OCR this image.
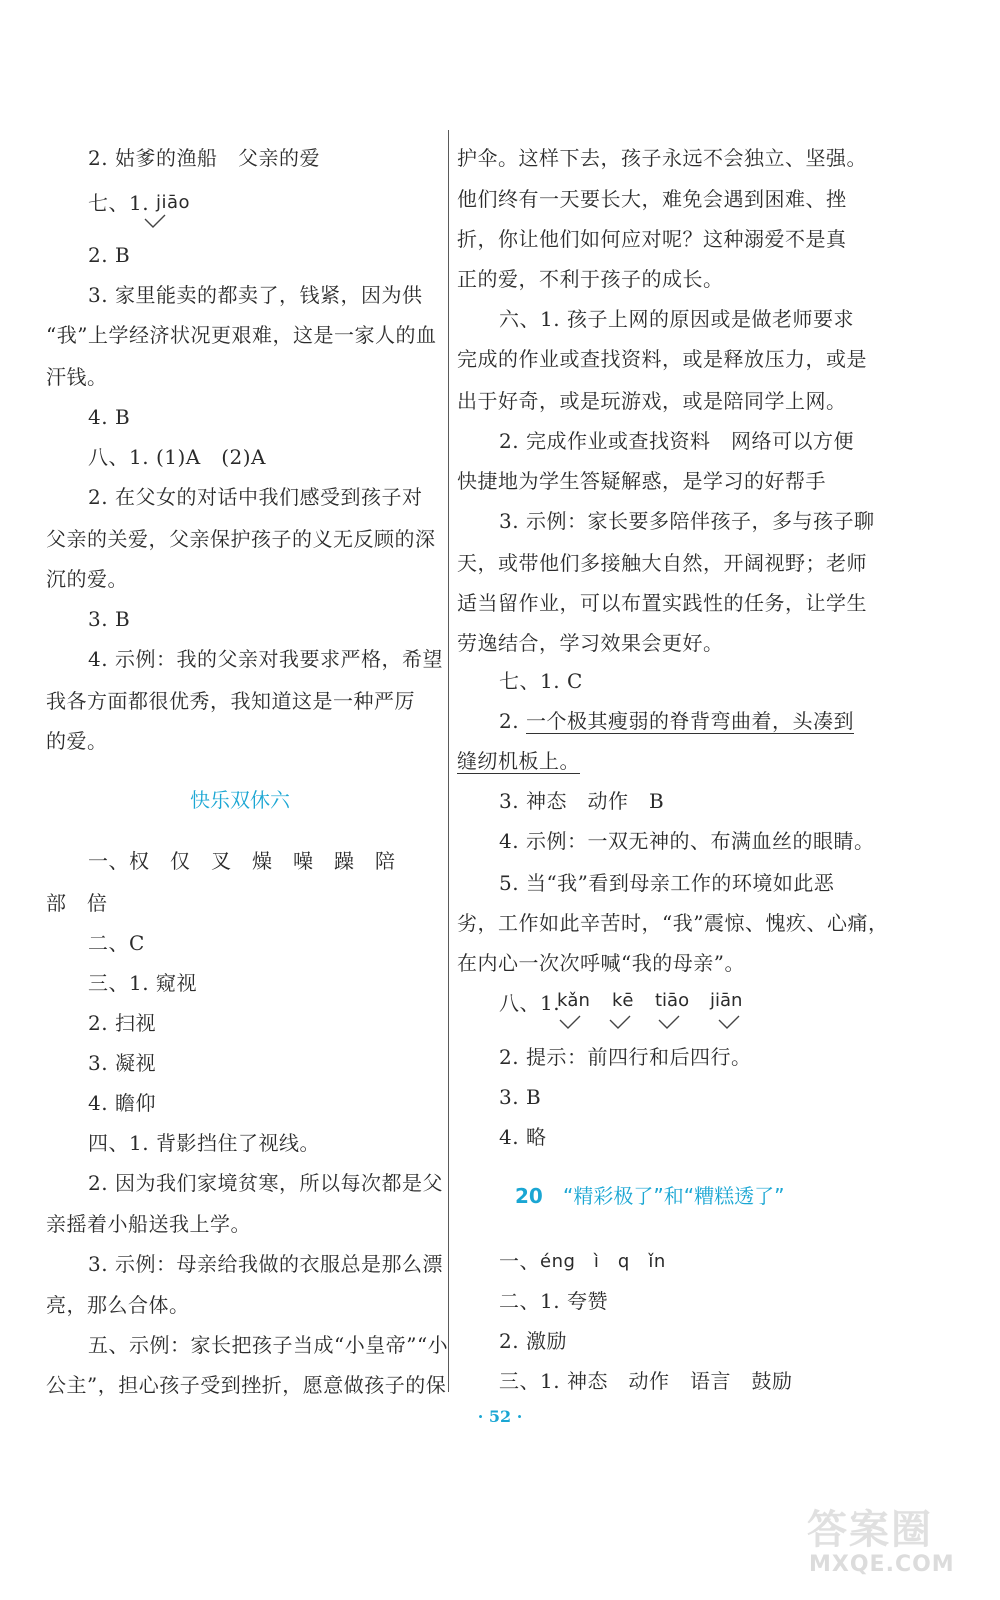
2. 姑爹的渔船　父亲的爱
七、1. jiāo
2. B
3. 家里能卖的都卖了，钱紧，因为供
“我”上学经济状况更艰难，这是一家人的血
汗钱。
4. B
八、1. (1)A　(2)A
2. 在父女的对话中我们感受到孩子对
父亲的关爱，父亲保护孩子的义无反顾的深
沉的爱。
3. B
4. 示例：我的父亲对我要求严格，希望
我各方面都很优秀，我知道这是一种严厉
的爱。
快乐双休六
一、权　仅　叉　燥　噪　躁　陪
部　倍
二、C
三、1. 窥视
2. 扫视
3. 凝视
4. 瞻仰
四、1. 背影挡住了视线。
2. 因为我们家境贫寒，所以每次都是父
亲摇着小船送我上学。
3. 示例：母亲给我做的衣服总是那么漂
亮，那么合体。
五、示例：家长把孩子当成“小皇帝”“小
公主”，担心孩子受到挫折，愿意做孩子的保
护伞。这样下去，孩子永远不会独立、坚强。
他们终有一天要长大，难免会遇到困难、挫
折，你让他们如何应对呢？这种溺爱不是真
正的爱，不利于孩子的成长。
六、1. 孩子上网的原因或是做老师要求
完成的作业或查找资料，或是释放压力，或是
出于好奇，或是玩游戏，或是陪同学上网。
2. 完成作业或查找资料　网络可以方便
快捷地为学生答疑解惑，是学习的好帮手
3. 示例：家长要多陪伴孩子，多与孩子聊
天，或带他们多接触大自然，开阔视野；老师
适当留作业，可以布置实践性的任务，让学生
劳逸结合，学习效果会更好。
七、1. C
2. 一个极其瘦弱的脊背弯曲着，头凑到
缝纫机板上。
3. 神态　动作　B
4. 示例：一双无神的、布满血丝的眼睛。
5. 当“我”看到母亲工作的环境如此恶
劣，工作如此辛苦时，“我”震惊、愧疚、心痛，
在内心一次次呼喊“我的母亲”。
八、1.
kǎn kē tiāo jiān
2. 提示：前四行和后四行。
3. B
4. 略
20 “精彩极了”和“糟糕透了”
一、éng　ì　q　ǐn
二、1. 夸赞
2. 激励
三、1. 神态　动作　语言　鼓励
· 52 ·
答案圈
MXQE.COM
